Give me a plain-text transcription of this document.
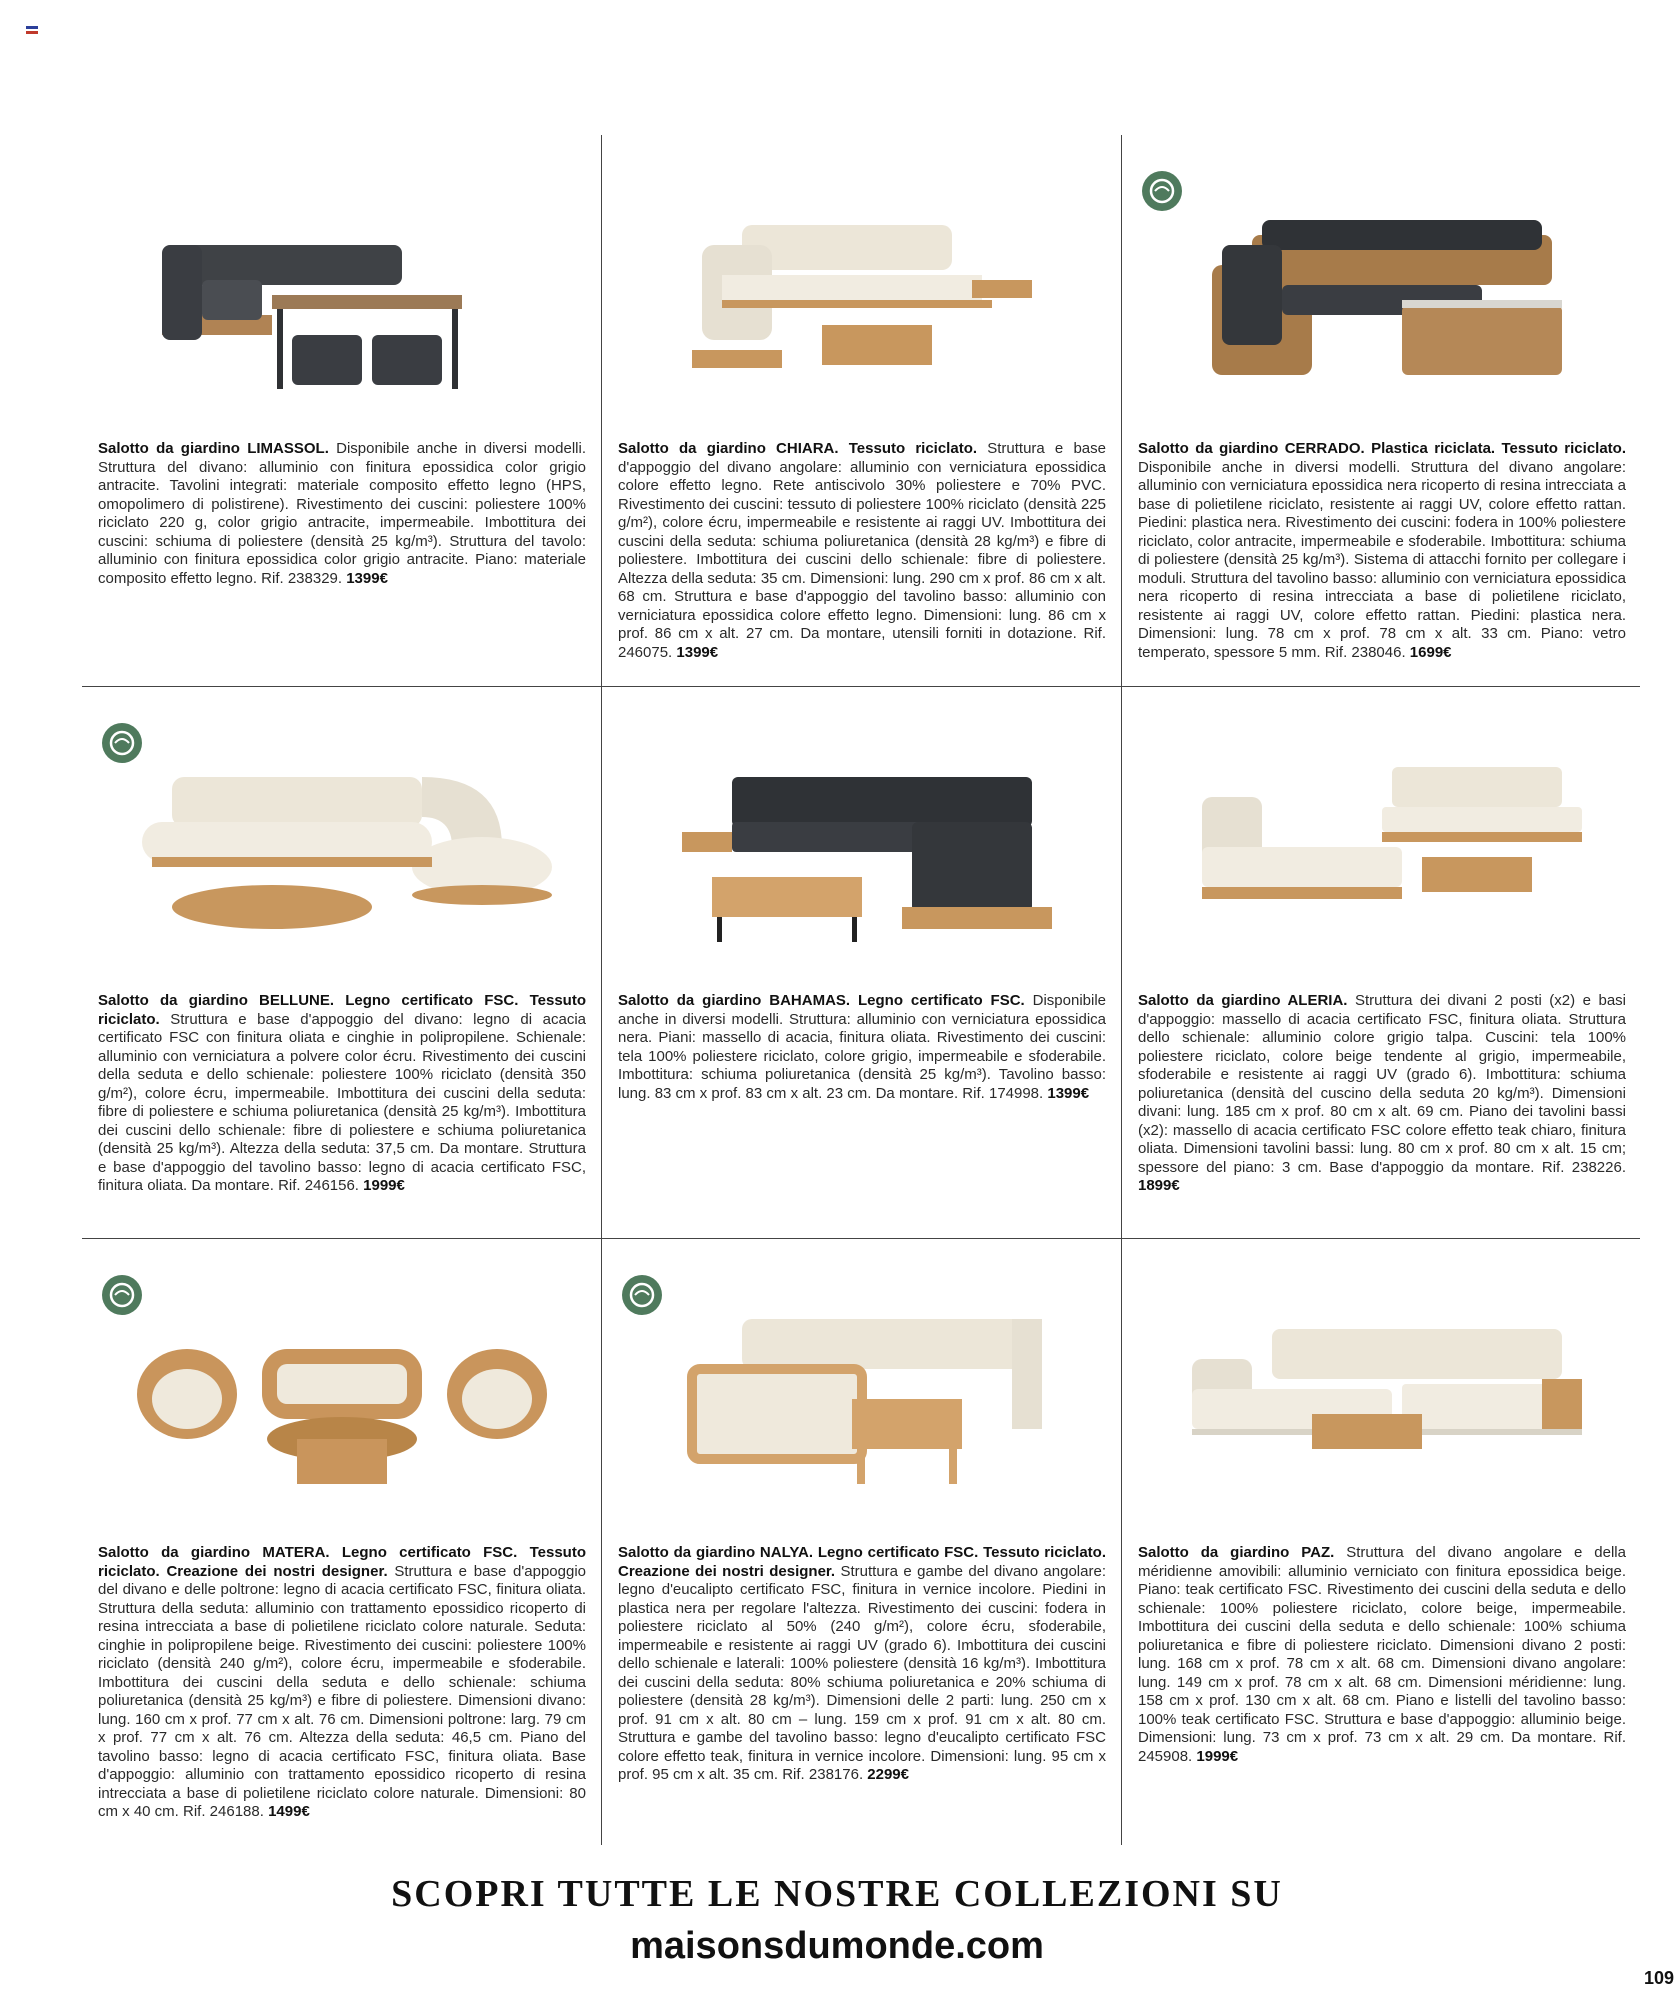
Salotto da giardino LIMASSOL. Disponibile anche in diversi modelli. Struttura del divano: alluminio con finitura epossidica color grigio antracite. Tavolini integrati: materiale composito effetto legno (HPS, omopolimero di polistirene). Rivestimento dei cuscini: poliestere 100% riciclato 220 g, color grigio antracite, impermeabile. Imbottitura dei cuscini: schiuma di poliestere (densità 25 kg/m³). Struttura del tavolo: alluminio con finitura epossidica color grigio antracite. Piano: materiale composito effetto legno. Rif. 238329. 1399€

Salotto da giardino CHIARA. Tessuto riciclato. Struttura e base d'appoggio del divano angolare: alluminio con verniciatura epossidica colore effetto legno. Rete antiscivolo 30% poliestere e 70% PVC. Rivestimento dei cuscini: tessuto di poliestere 100% riciclato (densità 225 g/m²), colore écru, impermeabile e resistente ai raggi UV. Imbottitura dei cuscini della seduta: schiuma poliuretanica (densità 28 kg/m³) e fibre di poliestere. Imbottitura dei cuscini dello schienale: fibre di poliestere. Altezza della seduta: 35 cm. Dimensioni: lung. 290 cm x prof. 86 cm x alt. 68 cm. Struttura e base d'appoggio del tavolino basso: alluminio con verniciatura epossidica colore effetto legno. Dimensioni: lung. 86 cm x prof. 86 cm x alt. 27 cm. Da montare, utensili forniti in dotazione. Rif. 246075. 1399€

Salotto da giardino CERRADO. Plastica riciclata. Tessuto riciclato. Disponibile anche in diversi modelli. Struttura del divano angolare: alluminio con verniciatura epossidica nera ricoperto di resina intrecciata a base di polietilene riciclato, resistente ai raggi UV, colore effetto rattan. Piedini: plastica nera. Rivestimento dei cuscini: fodera in 100% poliestere riciclato, color antracite, impermeabile e sfoderabile. Imbottitura: schiuma di poliestere (densità 25 kg/m³). Sistema di attacchi fornito per collegare i moduli. Struttura del tavolino basso: alluminio con verniciatura epossidica nera ricoperto di resina intrecciata a base di polietilene riciclato, resistente ai raggi UV, colore effetto rattan. Piedini: plastica nera. Dimensioni: lung. 78 cm x prof. 78 cm x alt. 33 cm. Piano: vetro temperato, spessore 5 mm. Rif. 238046. 1699€

Salotto da giardino BELLUNE. Legno certificato FSC. Tessuto riciclato. Struttura e base d'appoggio del divano: legno di acacia certificato FSC con finitura oliata e cinghie in polipropilene. Schienale: alluminio con verniciatura a polvere color écru. Rivestimento dei cuscini della seduta e dello schienale: poliestere 100% riciclato (densità 350 g/m²), colore écru, impermeabile. Imbottitura dei cuscini della seduta: fibre di poliestere e schiuma poliuretanica (densità 25 kg/m³). Imbottitura dei cuscini dello schienale: fibre di poliestere e schiuma poliuretanica (densità 25 kg/m³). Altezza della seduta: 37,5 cm. Da montare. Struttura e base d'appoggio del tavolino basso: legno di acacia certificato FSC, finitura oliata. Da montare. Rif. 246156. 1999€

Salotto da giardino BAHAMAS. Legno certificato FSC. Disponibile anche in diversi modelli. Struttura: alluminio con verniciatura epossidica nera. Piani: massello di acacia, finitura oliata. Rivestimento dei cuscini: tela 100% poliestere riciclato, colore grigio, impermeabile e sfoderabile. Imbottitura: schiuma poliuretanica (densità 25 kg/m³). Tavolino basso: lung. 83 cm x prof. 83 cm x alt. 23 cm. Da montare. Rif. 174998. 1399€

Salotto da giardino ALERIA. Struttura dei divani 2 posti (x2) e basi d'appoggio: massello di acacia certificato FSC, finitura oliata. Struttura dello schienale: alluminio colore grigio talpa. Cuscini: tela 100% poliestere riciclato, colore beige tendente al grigio, impermeabile, sfoderabile e resistente ai raggi UV (grado 6). Imbottitura: schiuma poliuretanica (densità del cuscino della seduta 20 kg/m³). Dimensioni divani: lung. 185 cm x prof. 80 cm x alt. 69 cm. Piano dei tavolini bassi (x2): massello di acacia certificato FSC colore effetto teak chiaro, finitura oliata. Dimensioni tavolini bassi: lung. 80 cm x prof. 80 cm x alt. 15 cm; spessore del piano: 3 cm. Base d'appoggio da montare. Rif. 238226. 1899€

Salotto da giardino MATERA. Legno certificato FSC. Tessuto riciclato. Creazione dei nostri designer. Struttura e base d'appoggio del divano e delle poltrone: legno di acacia certificato FSC, finitura oliata. Struttura della seduta: alluminio con trattamento epossidico ricoperto di resina intrecciata a base di polietilene riciclato colore naturale. Seduta: cinghie in polipropilene beige. Rivestimento dei cuscini: poliestere 100% riciclato (densità 240 g/m²), colore écru, impermeabile e sfoderabile. Imbottitura dei cuscini della seduta e dello schienale: schiuma poliuretanica (densità 25 kg/m³) e fibre di poliestere. Dimensioni divano: lung. 160 cm x prof. 77 cm x alt. 76 cm. Dimensioni poltrone: larg. 79 cm x prof. 77 cm x alt. 76 cm. Altezza della seduta: 46,5 cm. Piano del tavolino basso: legno di acacia certificato FSC, finitura oliata. Base d'appoggio: alluminio con trattamento epossidico ricoperto di resina intrecciata a base di polietilene riciclato colore naturale. Dimensioni: 80 cm x 40 cm. Rif. 246188. 1499€

Salotto da giardino NALYA. Legno certificato FSC. Tessuto riciclato. Creazione dei nostri designer. Struttura e gambe del divano angolare: legno d'eucalipto certificato FSC, finitura in vernice incolore. Piedini in plastica nera per regolare l'altezza. Rivestimento dei cuscini: fodera in poliestere riciclato al 50% (240 g/m²), colore écru, sfoderabile, impermeabile e resistente ai raggi UV (grado 6). Imbottitura dei cuscini dello schienale e laterali: 100% poliestere (densità 16 kg/m³). Imbottitura dei cuscini della seduta: 80% schiuma poliuretanica e 20% schiuma di poliestere (densità 28 kg/m³). Dimensioni delle 2 parti: lung. 250 cm x prof. 91 cm x alt. 80 cm – lung. 159 cm x prof. 91 cm x alt. 80 cm. Struttura e gambe del tavolino basso: legno d'eucalipto certificato FSC colore effetto teak, finitura in vernice incolore. Dimensioni: lung. 95 cm x prof. 95 cm x alt. 35 cm. Rif. 238176. 2299€

Salotto da giardino PAZ. Struttura del divano angolare e della méridienne amovibili: alluminio verniciato con finitura epossidica beige. Piano: teak certificato FSC. Rivestimento dei cuscini della seduta e dello schienale: 100% poliestere riciclato, colore beige, impermeabile. Imbottitura dei cuscini della seduta e dello schienale: 100% schiuma poliuretanica e fibre di poliestere riciclato. Dimensioni divano 2 posti: lung. 168 cm x prof. 78 cm x alt. 68 cm. Dimensioni divano angolare: lung. 149 cm x prof. 78 cm x alt. 68 cm. Dimensioni méridienne: lung. 158 cm x prof. 130 cm x alt. 68 cm. Piano e listelli del tavolino basso: 100% teak certificato FSC. Struttura e base d'appoggio: alluminio beige. Dimensioni: lung. 73 cm x prof. 73 cm x alt. 29 cm. Da montare. Rif. 245908. 1999€

SCOPRI TUTTE LE NOSTRE COLLEZIONI SU
maisonsdumonde.com
109
